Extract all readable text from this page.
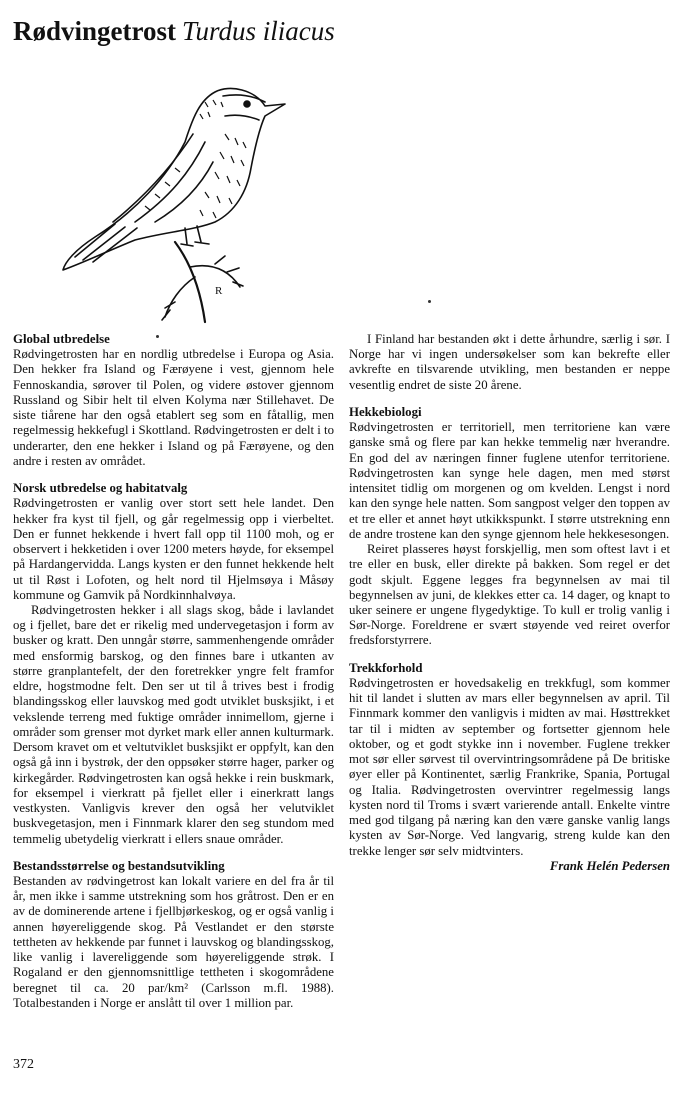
Rødvingetrost Turdus iliacus
R
Global utbredelse

Rødvingetrosten har en nordlig utbredelse i Europa og Asia. Den hekker fra Island og Færøyene i vest, gjennom hele Fennoskandia, sørover til Polen, og videre østover gjennom Russland og Sibir helt til elven Kolyma nær Stillehavet. De siste tiårene har den også etablert seg som en fåtallig, men regelmessig hekkefugl i Skottland. Rødvingetrosten er delt i to underarter, den ene hekker i Island og på Færøyene, og den andre i resten av området.

Norsk utbredelse og habitatvalg

Rødvingetrosten er vanlig over stort sett hele landet. Den hekker fra kyst til fjell, og går regelmessig opp i vierbeltet. Den er funnet hekkende i hvert fall opp til 1100 moh, og er observert i hekketiden i over 1200 meters høyde, for eksempel på Hardangervidda. Langs kysten er den funnet hekkende helt ut til Røst i Lofoten, og helt nord til Hjelmsøya i Måsøy kommune og Gamvik på Nordkinnhalvøya.

Rødvingetrosten hekker i all slags skog, både i lavlandet og i fjellet, bare det er rikelig med undervegetasjon i form av busker og kratt. Den unngår større, sammenhengende områder med ensformig barskog, og den finnes bare i utkanten av større granplantefelt, der den foretrekker yngre felt framfor eldre, hogstmodne felt. Den ser ut til å trives best i frodig blandingsskog eller lauvskog med godt utviklet busksjikt, i et vekslende terreng med fuktige områder innimellom, gjerne i områder som grenser mot dyrket mark eller annen kulturmark. Dersom kravet om et veltutviklet busksjikt er oppfylt, kan den også gå inn i bystrøk, der den oppsøker større hager, parker og kirkegårder. Rødvingetrosten kan også hekke i rein buskmark, for eksempel i vierkratt på fjellet eller i einerkratt langs vestkysten. Vanligvis krever den også her velutviklet buskvegetasjon, men i Finnmark klarer den seg stundom med temmelig ubetydelig vierkratt i ellers snaue områder.

Bestandsstørrelse og bestandsutvikling

Bestanden av rødvingetrost kan lokalt variere en del fra år til år, men ikke i samme utstrekning som hos gråtrost. Den er en av de dominerende artene i fjellbjørkeskog, og er også vanlig i annen høyereliggende skog. På Vestlandet er den største tettheten av hekkende par funnet i lauvskog og blandingsskog, like vanlig i lavereliggende som høyereliggende strøk. I Rogaland er den gjennomsnittlige tettheten i skogområdene beregnet til ca. 20 par/km² (Carlsson m.fl. 1988). Totalbestanden i Norge er anslått til over 1 million par.

I Finland har bestanden økt i dette århundre, særlig i sør. I Norge har vi ingen undersøkelser som kan bekrefte eller avkrefte en tilsvarende utvikling, men bestanden er neppe vesentlig endret de siste 20 årene.

Hekkebiologi

Rødvingetrosten er territoriell, men territoriene kan være ganske små og flere par kan hekke temmelig nær hverandre. En god del av næringen finner fuglene utenfor territoriene. Rødvingetrosten kan synge hele dagen, men med størst intensitet tidlig om morgenen og om kvelden. Lengst i nord kan den synge hele natten. Som sangpost velger den toppen av et tre eller et annet høyt utkikkspunkt. I større utstrekning enn de andre trostene kan den synge gjennom hele hekkesesongen.

Reiret plasseres høyst forskjellig, men som oftest lavt i et tre eller en busk, eller direkte på bakken. Som regel er det godt skjult. Eggene legges fra begynnelsen av mai til begynnelsen av juni, de klekkes etter ca. 14 dager, og knapt to uker seinere er ungene flygedyktige. To kull er trolig vanlig i Sør-Norge. Foreldrene er svært støyende ved reiret overfor fredsforstyrrere.

Trekkforhold

Rødvingetrosten er hovedsakelig en trekkfugl, som kommer hit til landet i slutten av mars eller begynnelsen av april. Til Finnmark kommer den vanligvis i midten av mai. Høsttrekket tar til i midten av september og fortsetter gjennom hele oktober, og et godt stykke inn i november. Fuglene trekker mot sør eller sørvest til overvintringsområdene på De britiske øyer eller på Kontinentet, særlig Frankrike, Spania, Portugal og Italia. Rødvingetrosten overvintrer regelmessig langs kysten nord til Troms i svært varierende antall. Enkelte vintre med god tilgang på næring kan den være ganske vanlig langs kysten av Sør-Norge. Ved langvarig, streng kulde kan den trekke lenger sør selv midtvinters.

Frank Helén Pedersen

372
